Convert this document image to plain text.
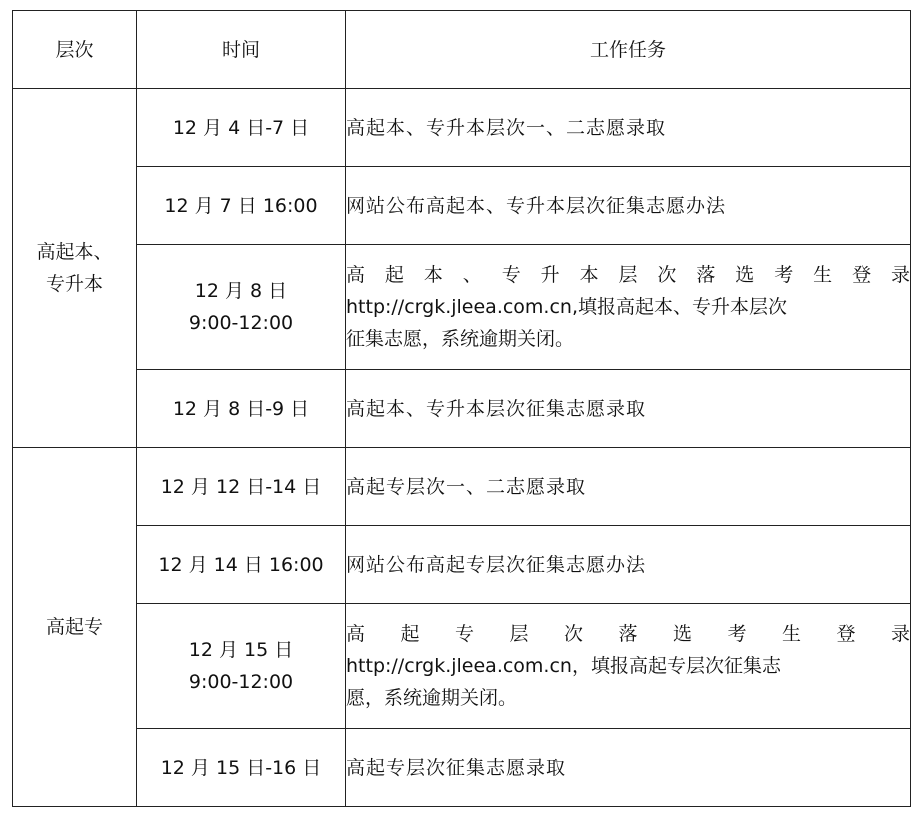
层次	时间	工作任务

高起本、
专升本	12 月 4 日-7 日	高起本、专升本层次一、二志愿录取

	12 月 7 日 16:00	网站公布高起本、专升本层次征集志愿办法

	12 月 8 日
9:00-12:00	高 起 本 、 专 升 本 层 次 落 选 考 生 登 录
http://crgk.jleea.com.cn,填报高起本、专升本层次
征集志愿，系统逾期关闭。

	12 月 8 日-9 日	高起本、专升本层次征集志愿录取

高起专	12 月 12 日-14 日	高起专层次一、二志愿录取

	12 月 14 日 16:00	网站公布高起专层次征集志愿办法

	12 月 15 日
9:00-12:00	高 起 专 层 次 落 选 考 生 登 录
http://crgk.jleea.com.cn，填报高起专层次征集志
愿，系统逾期关闭。

	12 月 15 日-16 日	高起专层次征集志愿录取
